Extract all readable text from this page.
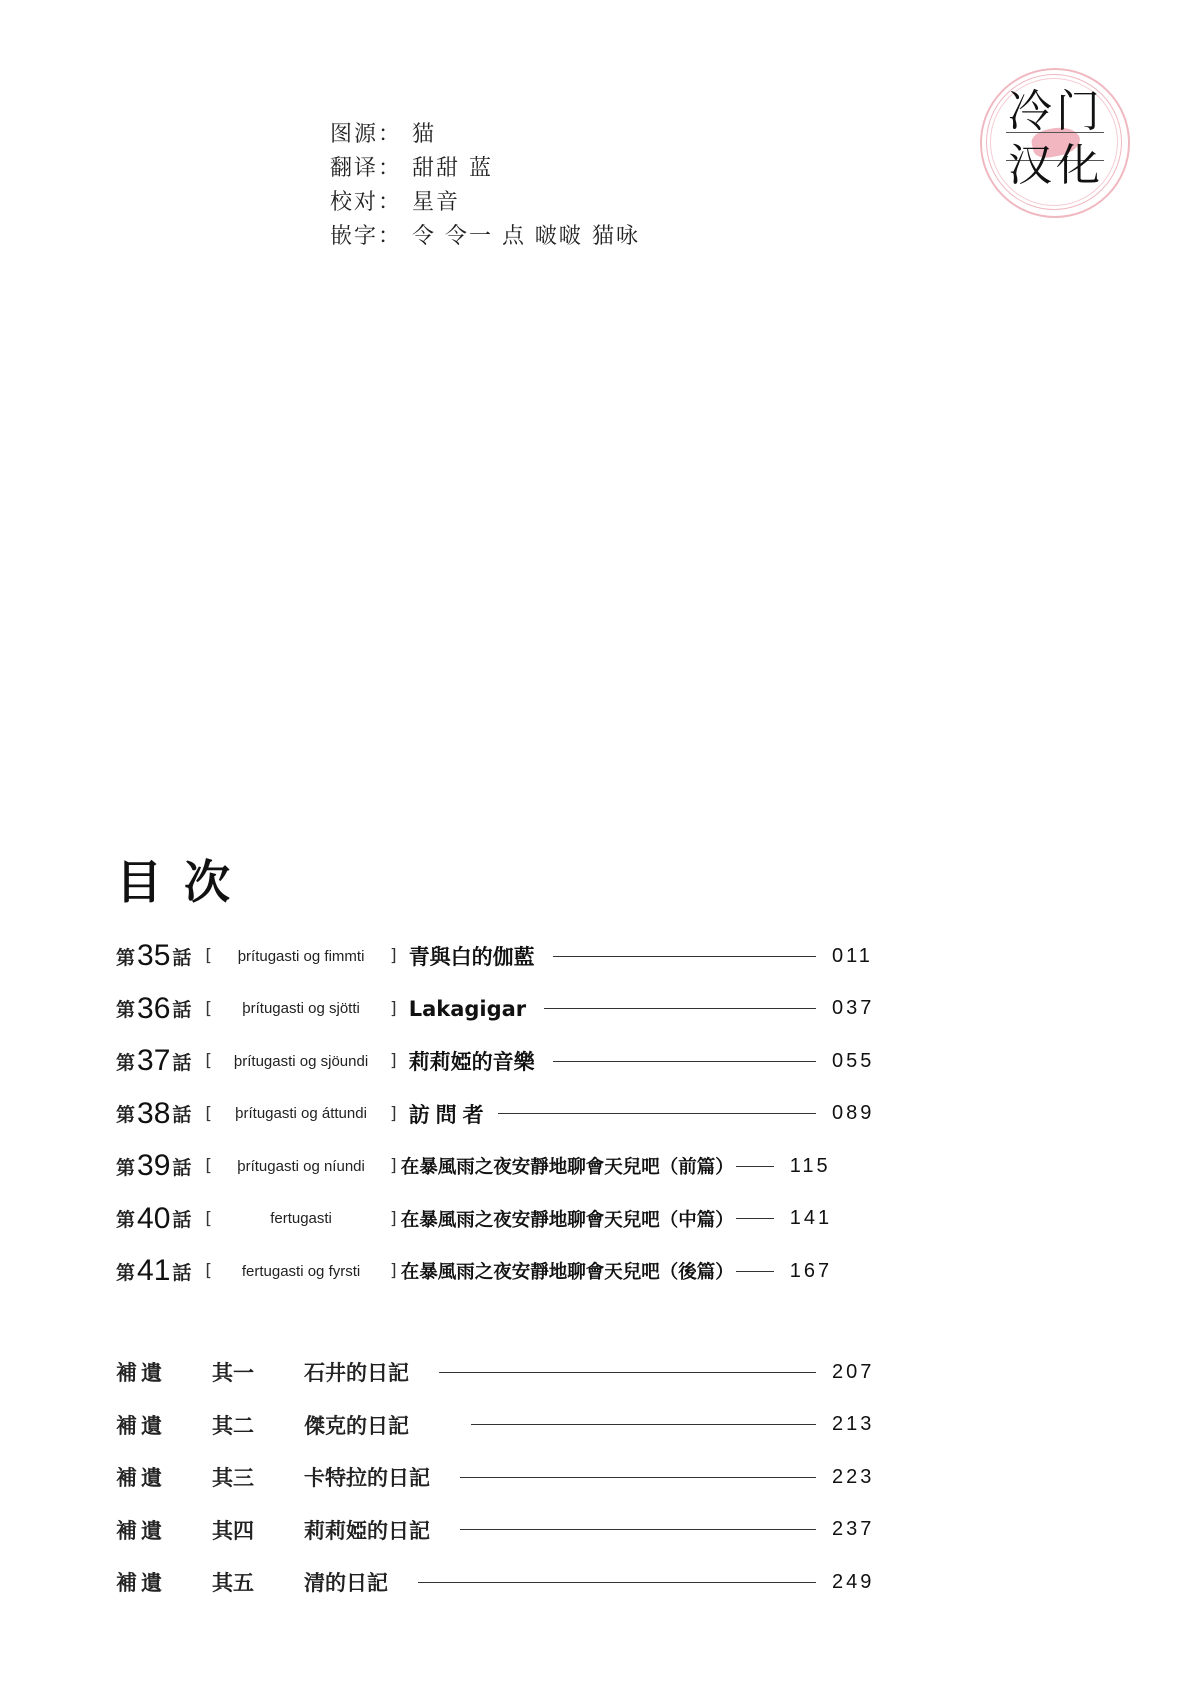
图源： 猫
翻译： 甜甜 蓝
校对： 星音
嵌字： 令 令一 点 啵啵 猫咏
冷门
汉化
目次
第 35 話 [	þrítugasti og fimmti	] 青與白的伽藍	011
第 36 話 [	þrítugasti og sjötti	] Lakagigar	037
第 37 話 [	þrítugasti og sjöundi	] 莉莉婭的音樂	055
第 38 話 [	þrítugasti og áttundi	] 訪問者	089
第 39 話 [	þrítugasti og níundi	] 在暴風雨之夜安靜地聊會天兒吧（前篇）	115
第 40 話 [	fertugasti	] 在暴風雨之夜安靜地聊會天兒吧（中篇）	141
第 41 話 [	fertugasti og fyrsti	] 在暴風雨之夜安靜地聊會天兒吧（後篇）	167
補遺	其一	石井的日記	207
補遺	其二	傑克的日記	213
補遺	其三	卡特拉的日記	223
補遺	其四	莉莉婭的日記	237
補遺	其五	清的日記	249
